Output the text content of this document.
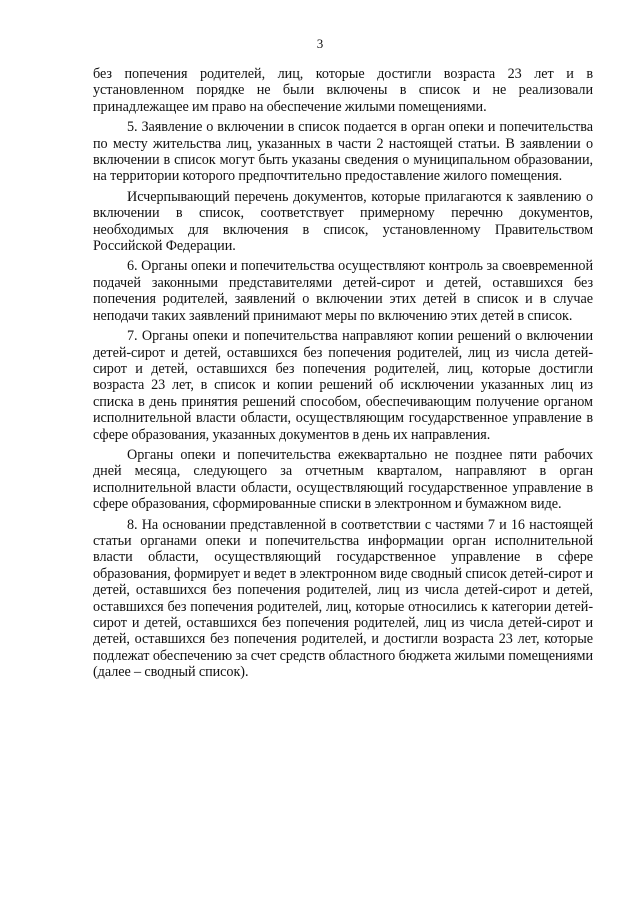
3

без попечения родителей, лиц, которые достигли возраста 23 лет и в установленном порядке не были включены в список и не реализовали принадлежащее им право на обеспечение жилыми помещениями.

5. Заявление о включении в список подается в орган опеки и попечительства по месту жительства лиц, указанных в части 2 настоящей статьи. В заявлении о включении в список могут быть указаны сведения о муниципальном образовании, на территории которого предпочтительно предоставление жилого помещения.

Исчерпывающий перечень документов, которые прилагаются к заявлению о включении в список, соответствует примерному перечню документов, необходимых для включения в список, установленному Правительством Российской Федерации.

6. Органы опеки и попечительства осуществляют контроль за своевременной подачей законными представителями детей-сирот и детей, оставшихся без попечения родителей, заявлений о включении этих детей в список и в случае неподачи таких заявлений принимают меры по включению этих детей в список.

7. Органы опеки и попечительства направляют копии решений о включении детей-сирот и детей, оставшихся без попечения родителей, лиц из числа детей-сирот и детей, оставшихся без попечения родителей, лиц, которые достигли возраста 23 лет, в список и копии решений об исключении указанных лиц из списка в день принятия решений способом, обеспечивающим получение органом исполнительной власти области, осуществляющим государственное управление в сфере образования, указанных документов в день их направления.

Органы опеки и попечительства ежеквартально не позднее пяти рабочих дней месяца, следующего за отчетным кварталом, направляют в орган исполнительной власти области, осуществляющий государственное управление в сфере образования, сформированные списки в электронном и бумажном виде.

8. На основании представленной в соответствии с частями 7 и 16 настоящей статьи органами опеки и попечительства информации орган исполнительной власти области, осуществляющий государственное управление в сфере образования, формирует и ведет в электронном виде сводный список детей-сирот и детей, оставшихся без попечения родителей, лиц из числа детей-сирот и детей, оставшихся без попечения родителей, лиц, которые относились к категории детей-сирот и детей, оставшихся без попечения родителей, лиц из числа детей-сирот и детей, оставшихся без попечения родителей, и достигли возраста 23 лет, которые подлежат обеспечению за счет средств областного бюджета жилыми помещениями (далее – сводный список).
